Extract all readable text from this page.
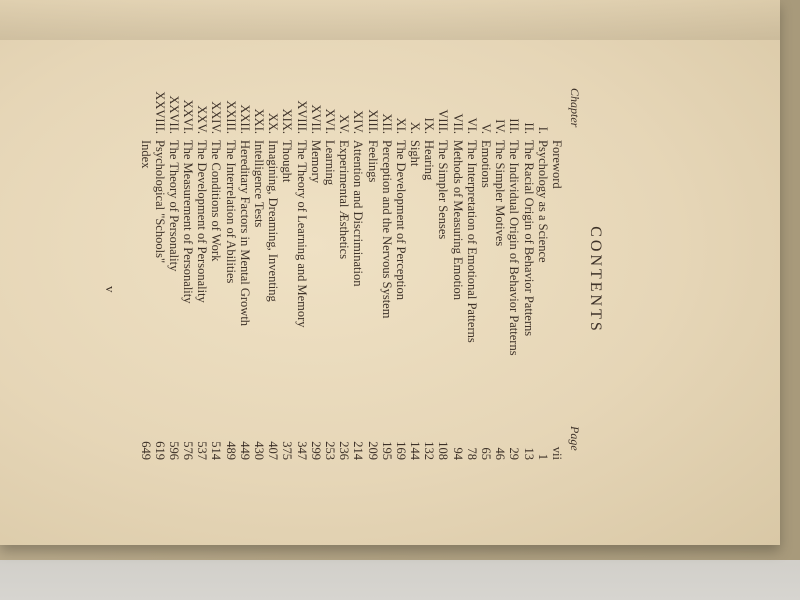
CONTENTS
Chapter
Page
Foreword
vii
I.
Psychology as a Science
1
II.
The Racial Origin of Behavior Patterns
13
III.
The Individual Origin of Behavior Patterns
29
IV.
The Simpler Motives
46
V.
Emotions
65
VI.
The Interpretation of Emotional Patterns
78
VII.
Methods of Measuring Emotion
94
VIII.
The Simpler Senses
108
IX.
Hearing
132
X.
Sight
144
XI.
The Development of Perception
169
XII.
Perception and the Nervous System
195
XIII.
Feelings
209
XIV.
Attention and Discrimination
214
XV.
Experimental Æsthetics
236
XVI.
Learning
253
XVII.
Memory
299
XVIII.
The Theory of Learning and Memory
347
XIX.
Thought
375
XX.
Imagining, Dreaming, Inventing
407
XXI.
Intelligence Tests
430
XXII.
Hereditary Factors in Mental Growth
449
XXIII.
The Interrelation of Abilities
489
XXIV.
The Conditions of Work
514
XXV.
The Development of Personality
537
XXVI.
The Measurement of Personality
576
XXVII.
The Theory of Personality
596
XXVIII.
Psychological "Schools"
619
Index
649
v
